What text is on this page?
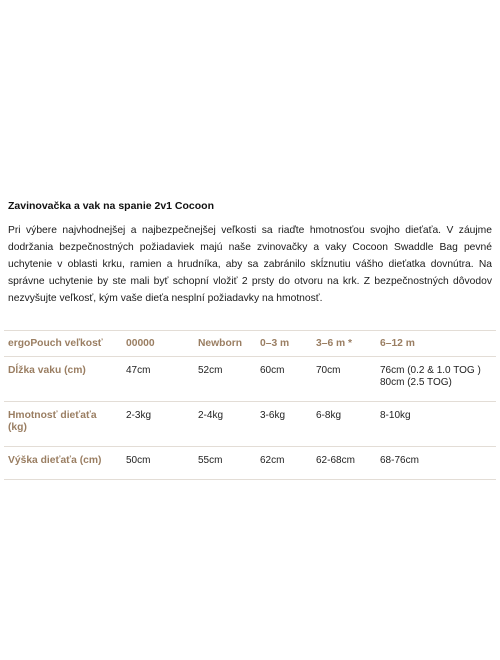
Zavinovačka a vak na spanie 2v1 Cocoon

Pri výbere najvhodnejšej a najbezpečnejšej veľkosti sa riaďte hmotnosťou svojho dieťaťa. V záujme dodržania bezpečnostných požiadaviek majú naše zvinovačky a vaky Cocoon Swaddle Bag pevné uchytenie v oblasti krku, ramien a hrudníka, aby sa zabránilo skĺznutiu vášho dieťatka dovnútra. Na správne uchytenie by ste mali byť schopní vložiť 2 prsty do otvoru na krk. Z bezpečnostných dôvodov nezvyšujte veľkosť, kým vaše dieťa nesplní požiadavky na hmotnosť.

ergoPouch veľkosť	00000	Newborn	0–3 m	3–6 m *	6–12 m
Dĺžka vaku (cm)	47cm	52cm	60cm	70cm	76cm (0.2 & 1.0 TOG )
80cm (2.5 TOG)
Hmotnosť dieťaťa (kg)	2-3kg	2-4kg	3-6kg	6-8kg	8-10kg
Výška dieťaťa (cm)	50cm	55cm	62cm	62-68cm	68-76cm
